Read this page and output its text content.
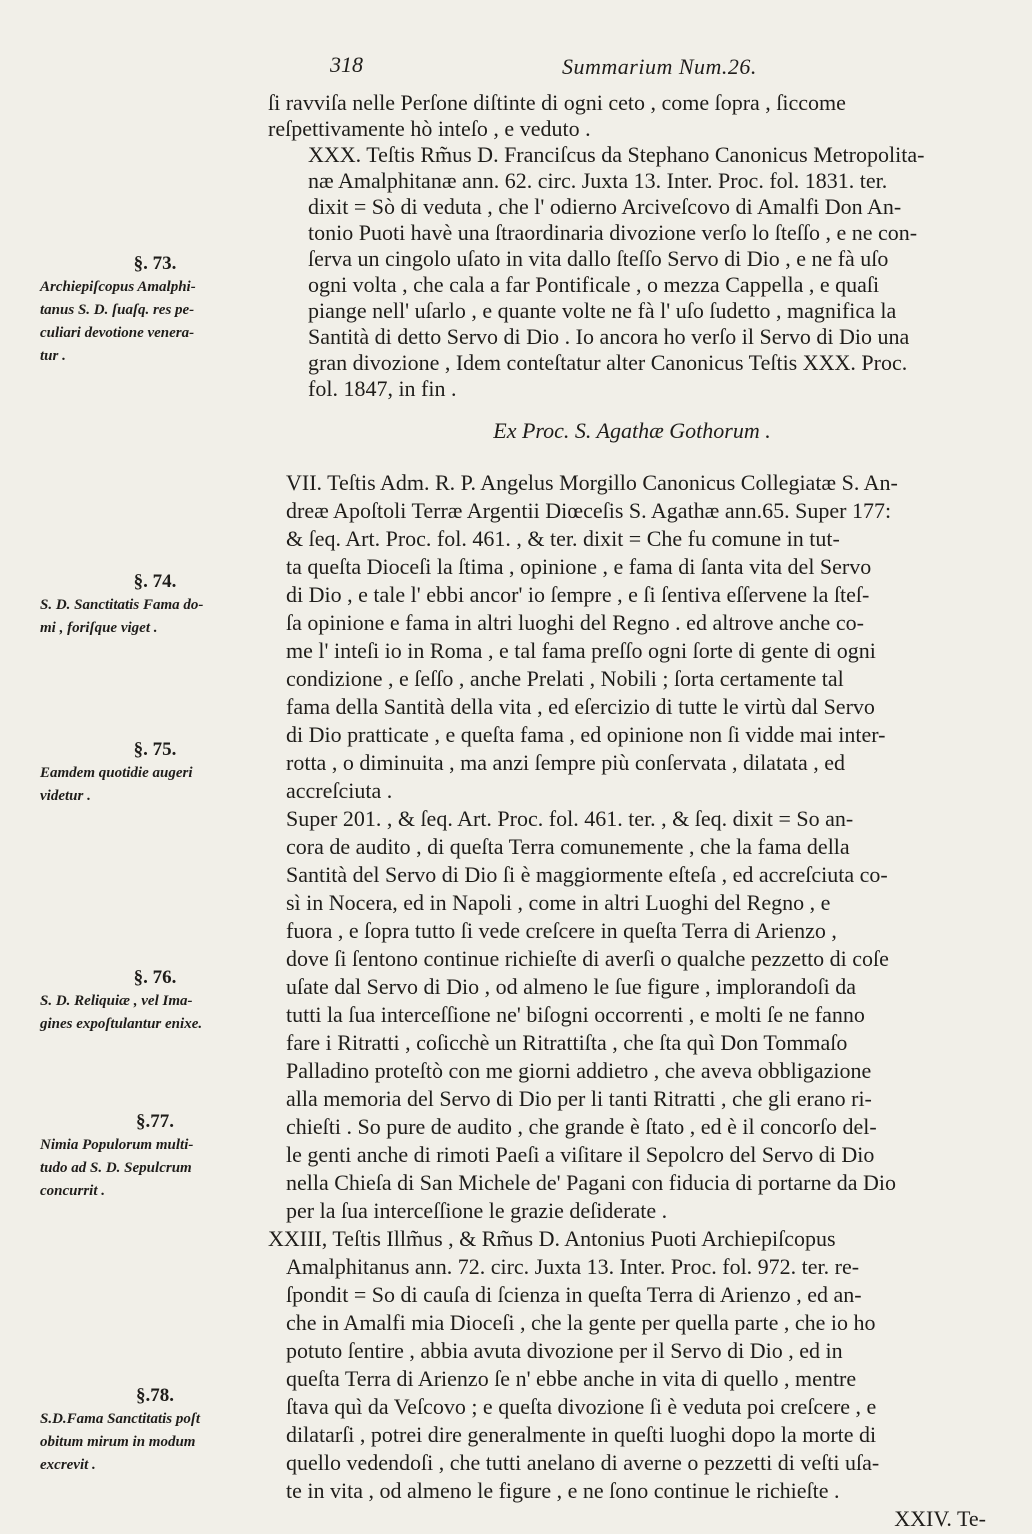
318	Summarium Num.26.
ſi ravviſa nelle Perſone diſtinte di ogni ceto , come ſopra , ſiccome
reſpettivamente hò inteſo , e veduto .
XXX. Teſtis Rm̃us D. Franciſcus da Stephano Canonicus Metropolita-
næ Amalphitanæ ann. 62. circ. Juxta 13. Inter. Proc. fol. 1831. ter.
dixit = Sò di veduta , che l' odierno Arciveſcovo di Amalfi Don An-
tonio Puoti havè una ſtraordinaria divozione verſo lo ſteſſo , e ne con-
ſerva un cingolo uſato in vita dallo ſteſſo Servo di Dio , e ne fà uſo
ogni volta , che cala a far Pontificale , o mezza Cappella , e quaſi
piange nell' uſarlo , e quante volte ne fà l' uſo ſudetto , magnifica la
Santità di detto Servo di Dio . Io ancora ho verſo il Servo di Dio una
gran divozione , Idem conteſtatur alter Canonicus Teſtis XXX. Proc.
fol. 1847, in fin .
Ex Proc. S. Agathæ Gothorum .
VII. Teſtis Adm. R. P. Angelus Morgillo Canonicus Collegiatæ S. An-
dreæ Apoſtoli Terræ Argentii Diœceſis S. Agathæ ann.65. Super 177:
& ſeq. Art. Proc. fol. 461. , & ter. dixit = Che fu comune in tut-
ta queſta Dioceſi la ſtima , opinione , e fama di ſanta vita del Servo
di Dio , e tale l' ebbi ancor' io ſempre , e ſi ſentiva eſſervene la ſteſ-
ſa opinione e fama in altri luoghi del Regno . ed altrove anche co-
me l' inteſi io in Roma , e tal fama preſſo ogni ſorte di gente di ogni
condizione , e ſeſſo , anche Prelati , Nobili ; ſorta certamente tal
fama della Santità della vita , ed eſercizio di tutte le virtù dal Servo
di Dio pratticate , e queſta fama , ed opinione non ſi vidde mai inter-
rotta , o diminuita , ma anzi ſempre più conſervata , dilatata , ed
accreſciuta .
Super 201. , & ſeq. Art. Proc. fol. 461. ter. , & ſeq. dixit = So an-
cora de audito , di queſta Terra comunemente , che la fama della
Santità del Servo di Dio ſi è maggiormente eſteſa , ed accreſciuta co-
sì in Nocera, ed in Napoli , come in altri Luoghi del Regno , e
fuora , e ſopra tutto ſi vede creſcere in queſta Terra di Arienzo ,
dove ſi ſentono continue richieſte di averſi o qualche pezzetto di coſe
uſate dal Servo di Dio , od almeno le ſue figure , implorandoſi da
tutti la ſua interceſſione ne' biſogni occorrenti , e molti ſe ne fanno
fare i Ritratti , coſicchè un Ritrattiſta , che ſta quì Don Tommaſo
Palladino proteſtò con me giorni addietro , che aveva obbligazione
alla memoria del Servo di Dio per li tanti Ritratti , che gli erano ri-
chieſti . So pure de audito , che grande è ſtato , ed è il concorſo del-
le genti anche di rimoti Paeſi a viſitare il Sepolcro del Servo di Dio
nella Chieſa di San Michele de' Pagani con fiducia di portarne da Dio
per la ſua interceſſione le grazie deſiderate .
XXIII, Teſtis Illm̃us , & Rm̃us D. Antonius Puoti Archiepiſcopus
Amalphitanus ann. 72. circ. Juxta 13. Inter. Proc. fol. 972. ter. re-
ſpondit = So di cauſa di ſcienza in queſta Terra di Arienzo , ed an-
che in Amalfi mia Dioceſi , che la gente per quella parte , che io ho
potuto ſentire , abbia avuta divozione per il Servo di Dio , ed in
queſta Terra di Arienzo ſe n' ebbe anche in vita di quello , mentre
ſtava quì da Veſcovo ; e queſta divozione ſi è veduta poi creſcere , e
dilatarſi , potrei dire generalmente in queſti luoghi dopo la morte di
quello vedendoſi , che tutti anelano di averne o pezzetti di veſti uſa-
te in vita , od almeno le figure , e ne ſono continue le richieſte .
XXIV. Te-
§. 73.
Archiepiſcopus Amalphi-
tanus S. D. ſuaſq. res pe-
culiari devotione venera-
tur .
§. 74.
S. D. Sanctitatis Fama do-
mi , foriſque viget .
§. 75.
Eamdem quotidie augeri
videtur .
§. 76.
S. D. Reliquiæ , vel Ima-
gines expoſtulantur enixe.
§.77.
Nimia Populorum multi-
tudo ad S. D. Sepulcrum
concurrit .
§.78.
S.D.Fama Sanctitatis poſt
obitum mirum in modum
excrevit .
